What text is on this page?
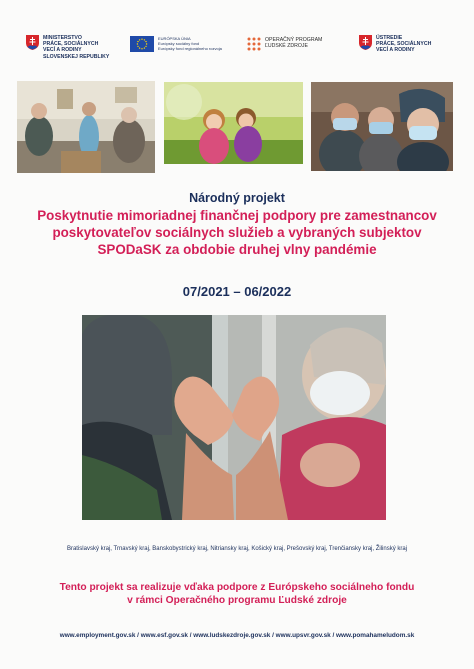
MINISTERSTVO
PRÁCE, SOCIÁLNYCH
VECÍ A RODINY
SLOVENSKEJ REPUBLIKY
EURÓPSKA ÚNIA
Európsky sociálny fond
Európsky fond regionálneho rozvoja
OPERAČNÝ PROGRAM
ĽUDSKÉ ZDROJE
ÚSTREDIE
PRÁCE, SOCIÁLNYCH
VECÍ A RODINY
Národný projekt
Poskytnutie mimoriadnej finančnej podpory pre zamestnancov
poskytovateľov sociálnych služieb a vybraných subjektov
SPODaSK za obdobie druhej vlny pandémie
07/2021 – 06/2022
Bratislavský kraj, Trnavský kraj, Banskobystrický kraj, Nitriansky kraj, Košický kraj, Prešovský kraj, Trenčiansky kraj, Žilinský kraj
Tento projekt sa realizuje vďaka podpore z Európskeho sociálneho fondu
v rámci Operačného programu Ľudské zdroje
www.employment.gov.sk / www.esf.gov.sk / www.ludskezdroje.gov.sk / www.upsvr.gov.sk / www.pomahameludom.sk
